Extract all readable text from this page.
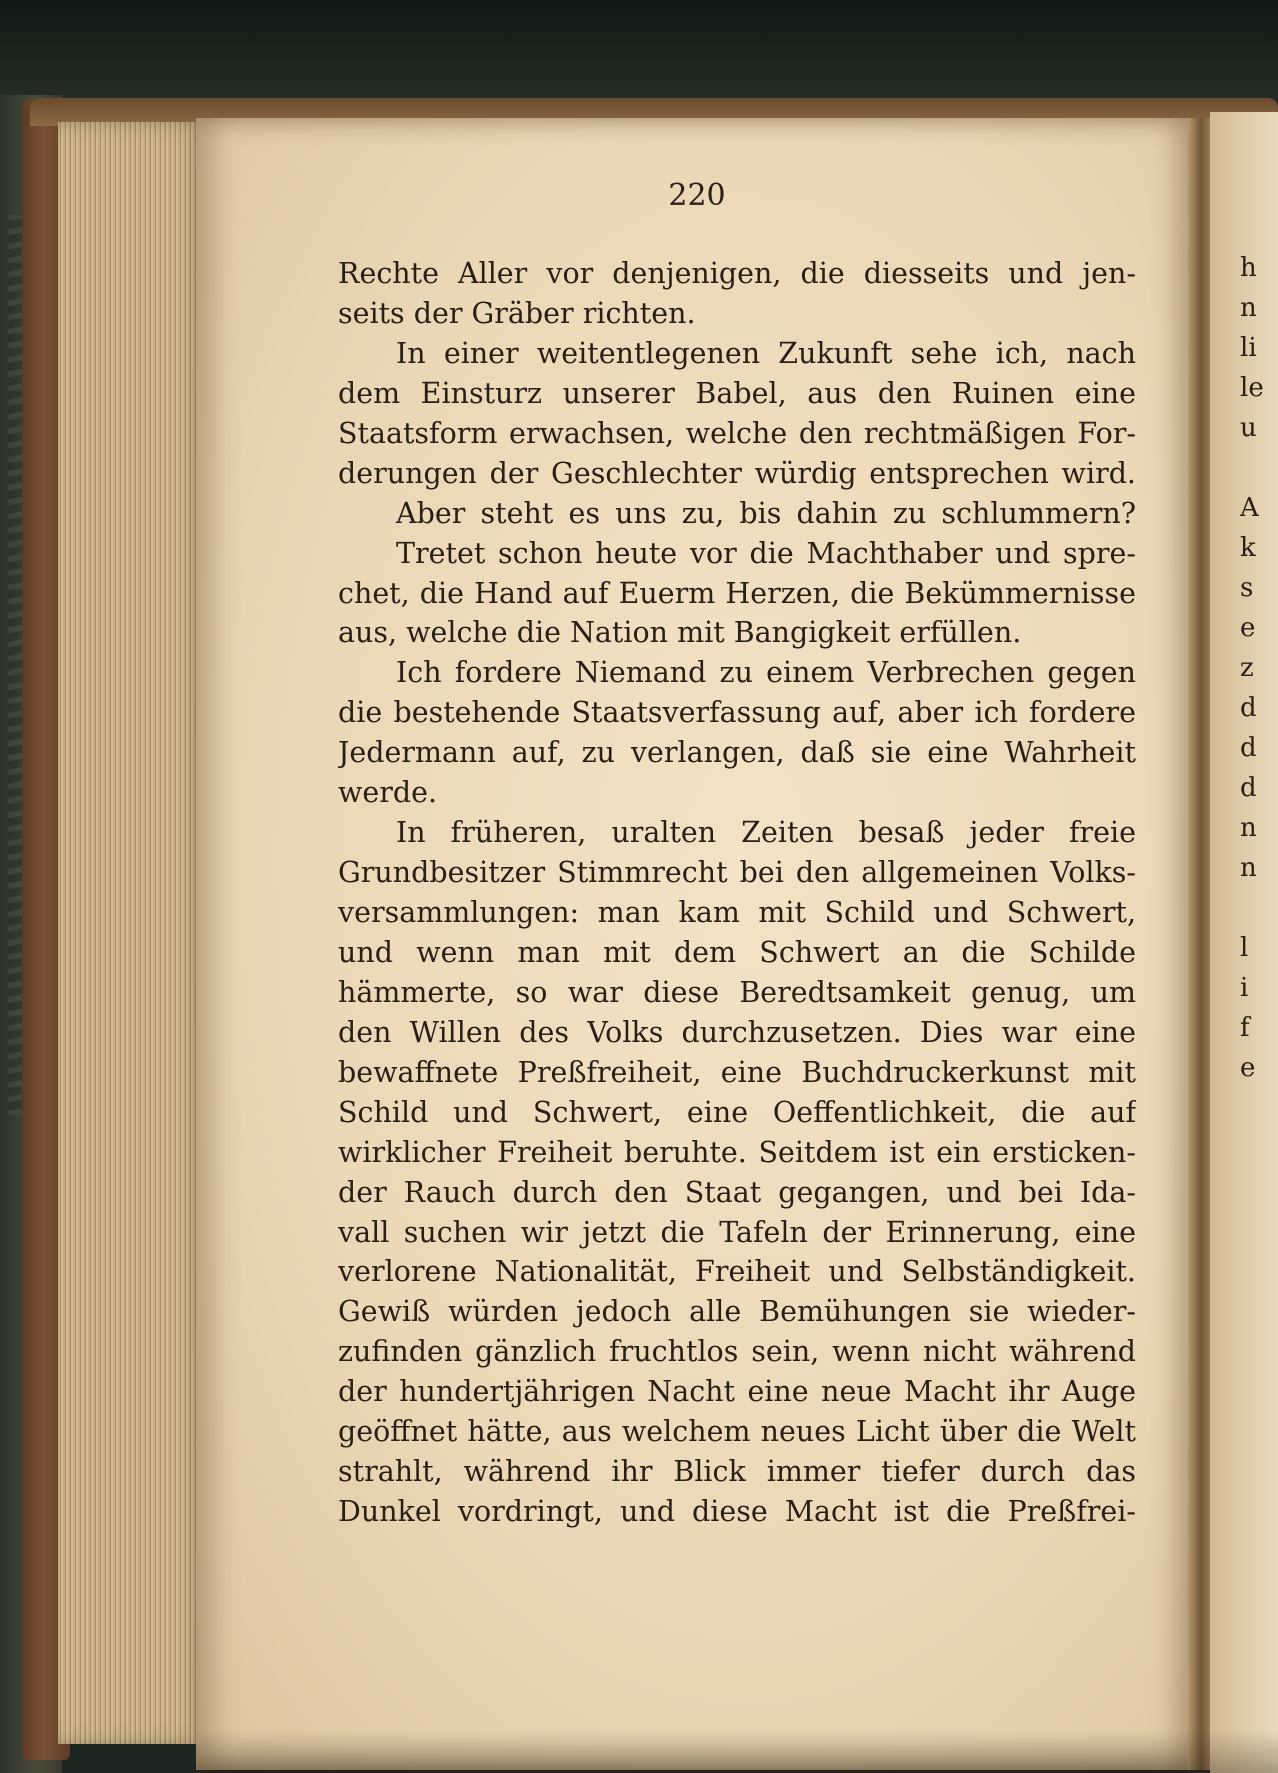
220
Rechte Aller vor denjenigen, die diesseits und jen-
seits der Gräber richten.
In einer weitentlegenen Zukunft sehe ich, nach
dem Einsturz unserer Babel, aus den Ruinen eine
Staatsform erwachsen, welche den rechtmäßigen For-
derungen der Geschlechter würdig entsprechen wird.
Aber steht es uns zu, bis dahin zu schlummern?
Tretet schon heute vor die Machthaber und spre-
chet, die Hand auf Euerm Herzen, die Bekümmernisse
aus, welche die Nation mit Bangigkeit erfüllen.
Ich fordere Niemand zu einem Verbrechen gegen
die bestehende Staatsverfassung auf, aber ich fordere
Jedermann auf, zu verlangen, daß sie eine Wahrheit
werde.
In früheren, uralten Zeiten besaß jeder freie
Grundbesitzer Stimmrecht bei den allgemeinen Volks-
versammlungen: man kam mit Schild und Schwert,
und wenn man mit dem Schwert an die Schilde
hämmerte, so war diese Beredtsamkeit genug, um
den Willen des Volks durchzusetzen. Dies war eine
bewaffnete Preßfreiheit, eine Buchdruckerkunst mit
Schild und Schwert, eine Oeffentlichkeit, die auf
wirklicher Freiheit beruhte. Seitdem ist ein ersticken-
der Rauch durch den Staat gegangen, und bei Ida-
vall suchen wir jetzt die Tafeln der Erinnerung, eine
verlorene Nationalität, Freiheit und Selbständigkeit.
Gewiß würden jedoch alle Bemühungen sie wieder-
zufinden gänzlich fruchtlos sein, wenn nicht während
der hundertjährigen Nacht eine neue Macht ihr Auge
geöffnet hätte, aus welchem neues Licht über die Welt
strahlt, während ihr Blick immer tiefer durch das
Dunkel vordringt, und diese Macht ist die Preßfrei-
h
n
li
le
u
A
k
s
e
z
d
d
d
n
n
l
i
f
e
